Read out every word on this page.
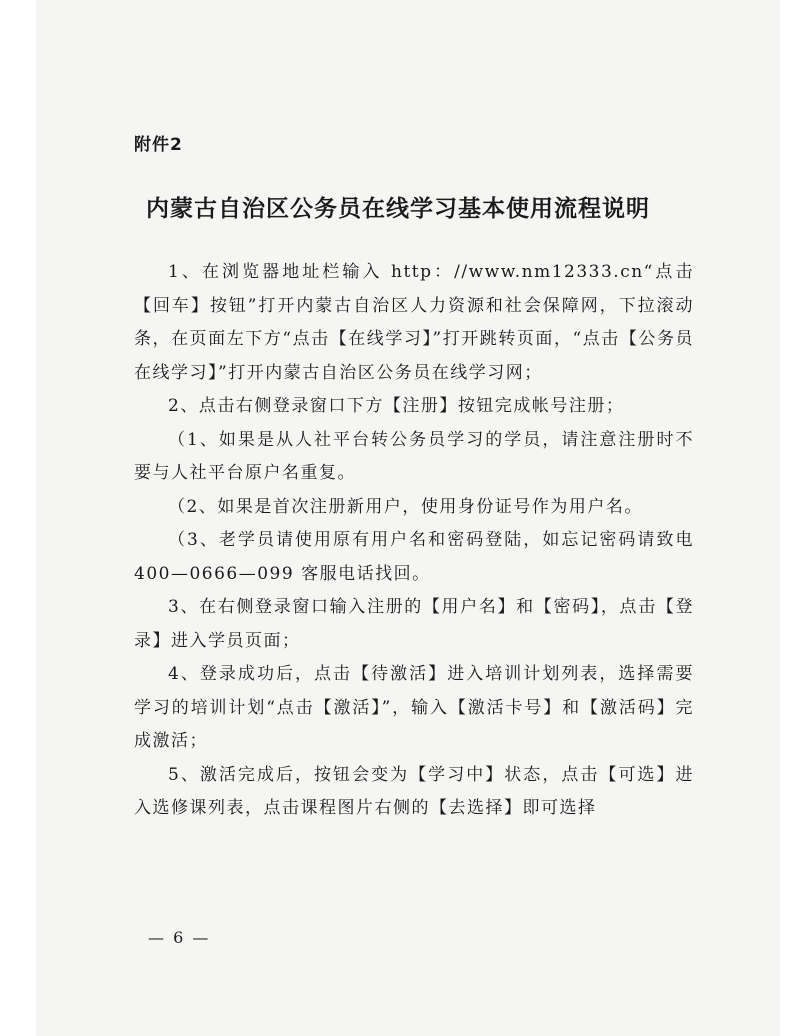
附件2
内蒙古自治区公务员在线学习基本使用流程说明

1、在浏览器地址栏输入 http：//www.nm12333.cn“点击【回车】按钮”打开内蒙古自治区人力资源和社会保障网，下拉滚动条，在页面左下方“点击【在线学习】”打开跳转页面，“点击【公务员在线学习】”打开内蒙古自治区公务员在线学习网；

2、点击右侧登录窗口下方【注册】按钮完成帐号注册；

（1、如果是从人社平台转公务员学习的学员，请注意注册时不要与人社平台原户名重复。

（2、如果是首次注册新用户，使用身份证号作为用户名。

（3、老学员请使用原有用户名和密码登陆，如忘记密码请致电 400—0666—099 客服电话找回。

3、在右侧登录窗口输入注册的【用户名】和【密码】，点击【登录】进入学员页面；

4、登录成功后，点击【待激活】进入培训计划列表，选择需要学习的培训计划“点击【激活】”，输入【激活卡号】和【激活码】完成激活；

5、激活完成后，按钮会变为【学习中】状态，点击【可选】进入选修课列表，点击课程图片右侧的【去选择】即可选择

— 6 —
